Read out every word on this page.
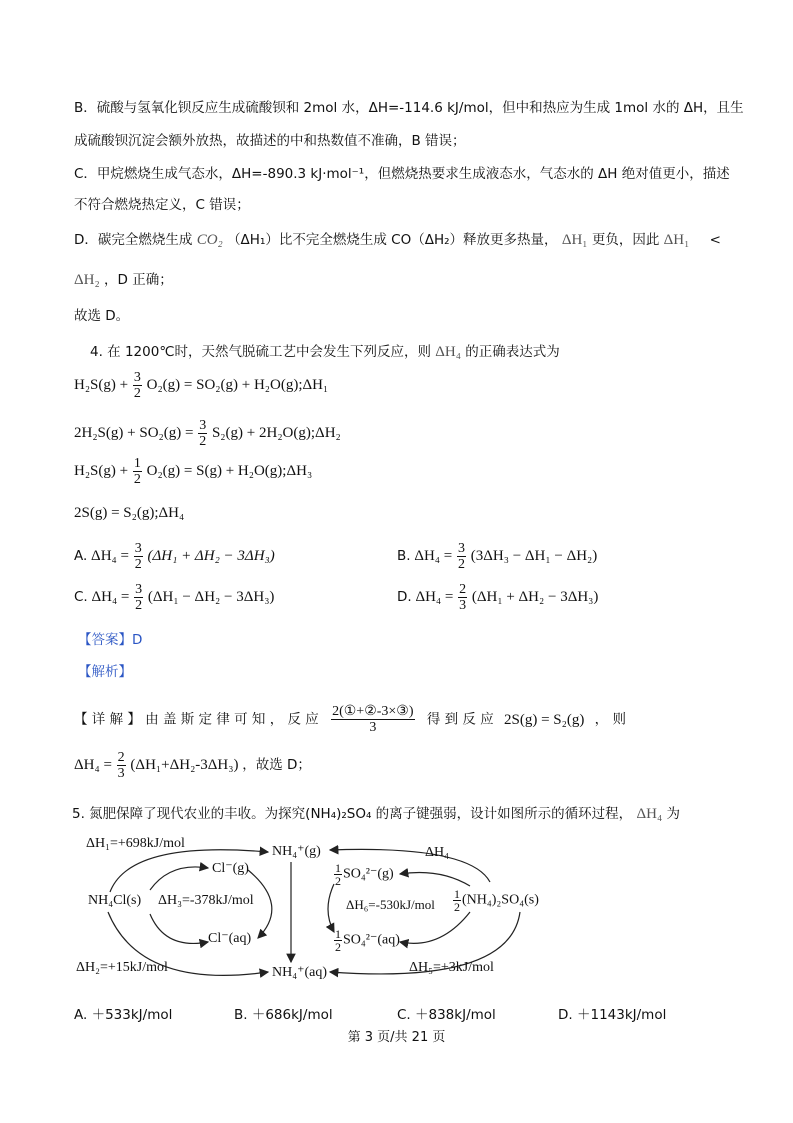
B．硫酸与氢氧化钡反应生成硫酸钡和 2mol 水，ΔH=-114.6 kJ/mol，但中和热应为生成 1mol 水的 ΔH，且生
成硫酸钡沉淀会额外放热，故描述的中和热数值不准确，B 错误；
C．甲烷燃烧生成气态水，ΔH=-890.3 kJ·mol⁻¹，但燃烧热要求生成液态水，气态水的 ΔH 绝对值更小，描述
不符合燃烧热定义，C 错误；
D．碳完全燃烧生成 CO₂ （ΔH₁）比不完全燃烧生成 CO（ΔH₂）释放更多热量， ΔH₁ 更负，因此 ΔH₁ <
ΔH₂ ，D 正确；
故选 D。
4. 在 1200℃时，天然气脱硫工艺中会发生下列反应，则 ΔH₄ 的正确表达式为
$H_2S(g) + \frac{3}{2} O_2(g) = SO_2(g)$ + H₂O(g);ΔH₁
$2H_2S(g) + SO_2(g) = \frac{3}{2} S_2(g)$ + 2H₂O(g);ΔH₂
$H_2S(g) + \frac{1}{2} O_2(g) = S(g)$ + H₂O(g);ΔH₃
2S(g) = S₂(g);ΔH₄
A. $\Delta H_4 = \frac{3}{2} (\Delta H_1 + \Delta H_2 - 3\Delta H_3)$	B. $\Delta H_4 = \frac{3}{2} (3\Delta H_3 - \Delta H_1 - \Delta H_2)$
C. $\Delta H_4 = \frac{3}{2} (\Delta H_1 - \Delta H_2 - 3\Delta H_3)$	D. $\Delta H_4 = \frac{2}{3} (\Delta H_1 + \Delta H_2 - 3\Delta H_3)$
【答案】D
【解析】
【 详 解 】 由 盖 斯 定 律 可 知 ， 反 应 $\frac{\text{2(①+②-3×③)}}{3}$ 得 到 反 应 2S(g) = S₂(g) ， 则
$\Delta H_4 = \frac{2}{3} (\Delta H_1+\Delta H_2-3\Delta H_3)$ ，故选 D；
5. 氮肥保障了现代农业的丰收。为探究(NH₄)₂SO₄ 的离子键强弱，设计如图所示的循环过程， ΔH₄ 为
ΔH₁=+698kJ/mol
NH₄⁺(g)	ΔH₄
Cl⁻(g)
NH₄Cl(s) ΔH₃=-378kJ/mol
$\frac{1}{2} SO_4^{2-}(g)$
$\Delta H_6=-530kJ/mol \frac{1}{2} (NH_4)_2SO_4(s)$
Cl⁻(aq)	$\frac{1}{2} SO_4^{2-}(aq)$
ΔH₂=+15kJ/mol	NH₄⁺(aq)	ΔH₅=+3kJ/mol
A. ＋533kJ/mol	B. ＋686kJ/mol	C. ＋838kJ/mol	D. ＋1143kJ/mol
第 3 页/共 21 页
